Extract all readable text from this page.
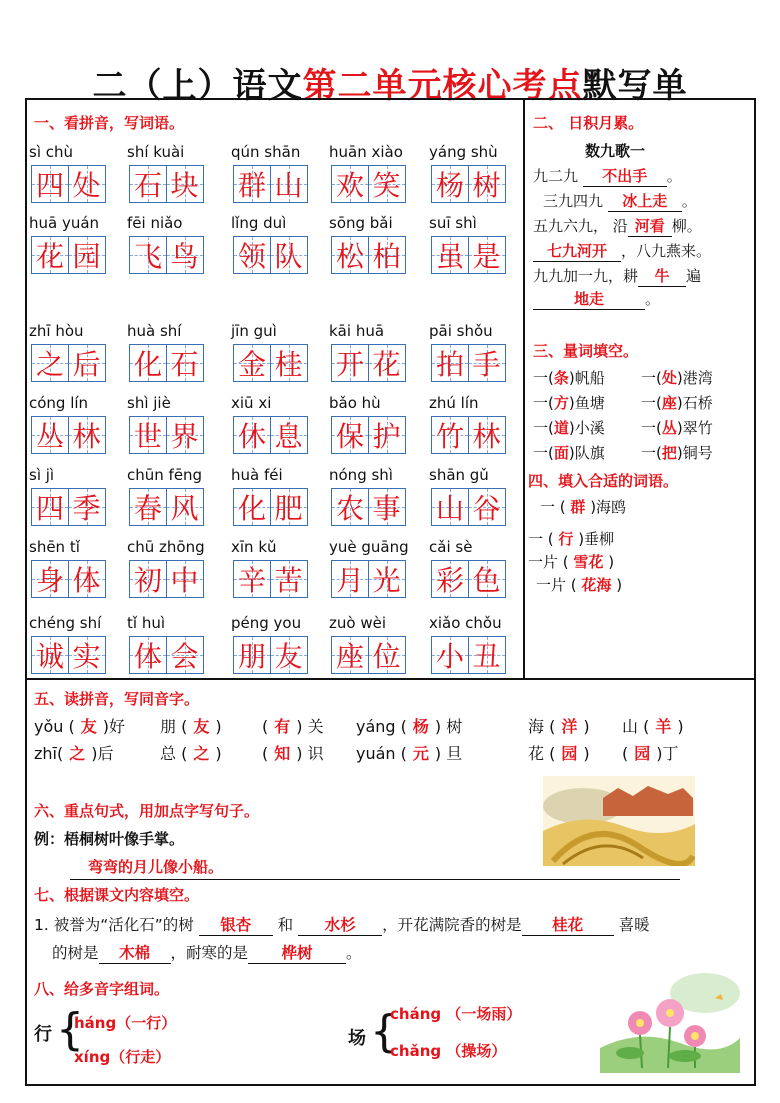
二（上）语文第二单元核心考点默写单
一、看拼音，写词语。
sì chù
四 处
shí kuài
石 块
qún shān
群 山
huān xiào
欢 笑
yáng shù
杨 树
huā yuán
花 园
fēi niǎo
飞 鸟
lǐng duì
领 队
sōng bǎi
松 柏
suī shì
虽 是
zhī hòu
之 后
huà shí
化 石
jīn guì
金 桂
kāi huā
开 花
pāi shǒu
拍 手
cóng lín
丛 林
shì jiè
世 界
xiū xi
休 息
bǎo hù
保 护
zhú lín
竹 林
sì jì
四 季
chūn fēng
春 风
huà féi
化 肥
nóng shì
农 事
shān gǔ
山 谷
shēn tǐ
身 体
chū zhōng
初 中
xīn kǔ
辛 苦
yuè guāng
月 光
cǎi sè
彩 色
chéng shí
诚 实
tǐ huì
体 会
péng you
朋 友
zuò wèi
座 位
xiǎo chǒu
小 丑
二、 日积月累。
数九歌一
九二九 不出手 。
三九四九 冰上走 。
五九六九， 沿 河看 柳。
七九河开 ，八九燕来。
九九加一九，耕 牛 遍
地走	。
三、量词填空。
一(条)帆船 一(处)港湾
一(方)鱼塘 一(座)石桥
一(道)小溪 一(丛)翠竹
一(面)队旗 一(把)铜号
四、填入合适的词语。
一 ( 群 )海鸥
一 ( 行 )垂柳
一片 ( 雪花 )
一片 ( 花海 )
五、读拼音，写同音字。
yǒu ( 友 )好 朋 ( 友 )	( 有 ) 关 yáng ( 杨 ) 树	海 ( 洋 ) 山 ( 羊 )
zhī( 之 )后	总 ( 之 )	( 知 ) 识 yuán ( 元 ) 旦	花 ( 园 ) ( 园 )丁
六、重点句式，用加点字写句子。
例：梧桐树叶像手掌。
弯弯的月儿像小船。
七、根据课文内容填空。
1. 被誉为“活化石”的树 银杏 和 水杉 ，开花满院香的树是 桂花 喜暖
的树是 木棉 ，耐寒的是 桦树 。
八、给多音字组词。
行 {
háng（一行）
xíng（行走）
场 {
cháng （一场雨）
chǎng （操场）
